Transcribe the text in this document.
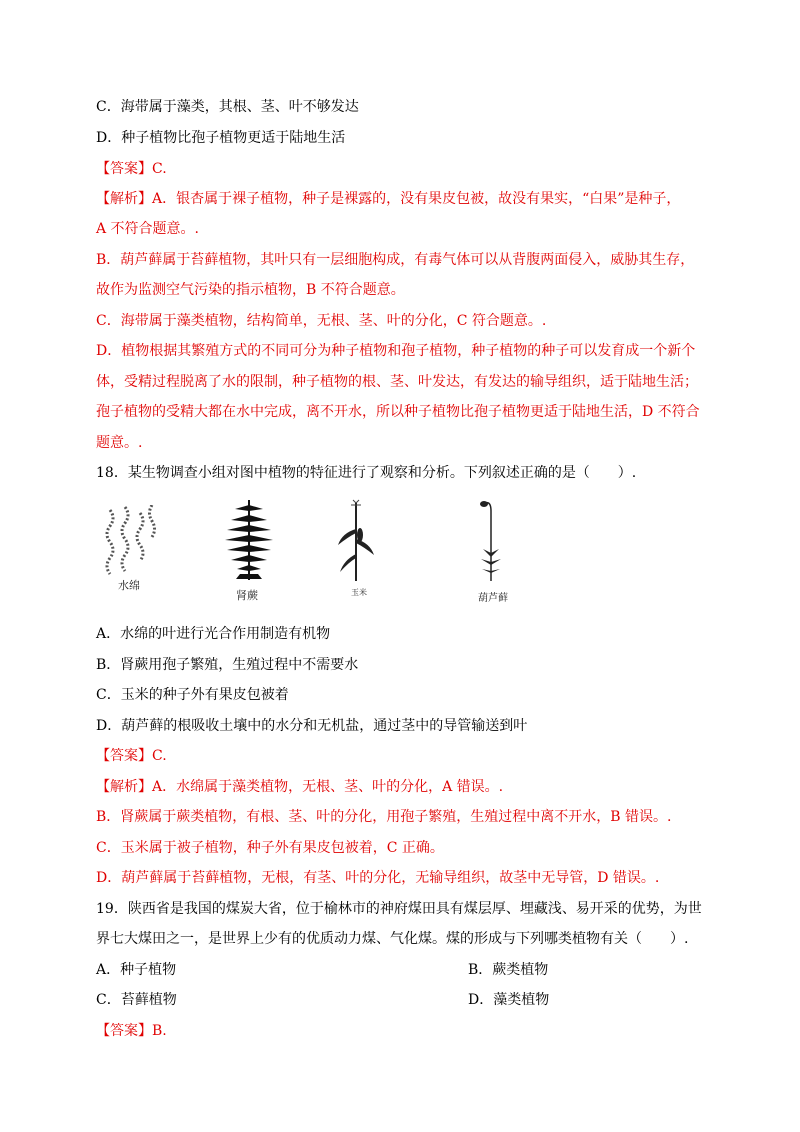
C．海带属于藻类，其根、茎、叶不够发达
D．种子植物比孢子植物更适于陆地生活
【答案】C.
【解析】A．银杏属于裸子植物，种子是裸露的，没有果皮包被，故没有果实，“白果”是种子，
A 不符合题意。.
B．葫芦藓属于苔藓植物，其叶只有一层细胞构成，有毒气体可以从背腹两面侵入，威胁其生存，
故作为监测空气污染的指示植物，B 不符合题意。
C．海带属于藻类植物，结构简单，无根、茎、叶的分化，C 符合题意。.
D．植物根据其繁殖方式的不同可分为种子植物和孢子植物，种子植物的种子可以发育成一个新个
体，受精过程脱离了水的限制，种子植物的根、茎、叶发达，有发达的输导组织，适于陆地生活；
孢子植物的受精大都在水中完成，离不开水，所以种子植物比孢子植物更适于陆地生活，D 不符合
题意。.
18．某生物调查小组对图中植物的特征进行了观察和分析。下列叙述正确的是（　　）.
水绵
肾蕨	玉米
葫芦藓
A．水绵的叶进行光合作用制造有机物
B．肾蕨用孢子繁殖，生殖过程中不需要水
C．玉米的种子外有果皮包被着
D．葫芦藓的根吸收土壤中的水分和无机盐，通过茎中的导管输送到叶
【答案】C.
【解析】A．水绵属于藻类植物，无根、茎、叶的分化，A 错误。.
B．肾蕨属于蕨类植物，有根、茎、叶的分化，用孢子繁殖，生殖过程中离不开水，B 错误。.
C．玉米属于被子植物，种子外有果皮包被着，C 正确。
D．葫芦藓属于苔藓植物，无根，有茎、叶的分化，无输导组织，故茎中无导管，D 错误。.
19．陕西省是我国的煤炭大省，位于榆林市的神府煤田具有煤层厚、埋藏浅、易开采的优势，为世
界七大煤田之一，是世界上少有的优质动力煤、气化煤。煤的形成与下列哪类植物有关（　　）.
A．种子植物	B．蕨类植物
C．苔藓植物	D．藻类植物
【答案】B.
